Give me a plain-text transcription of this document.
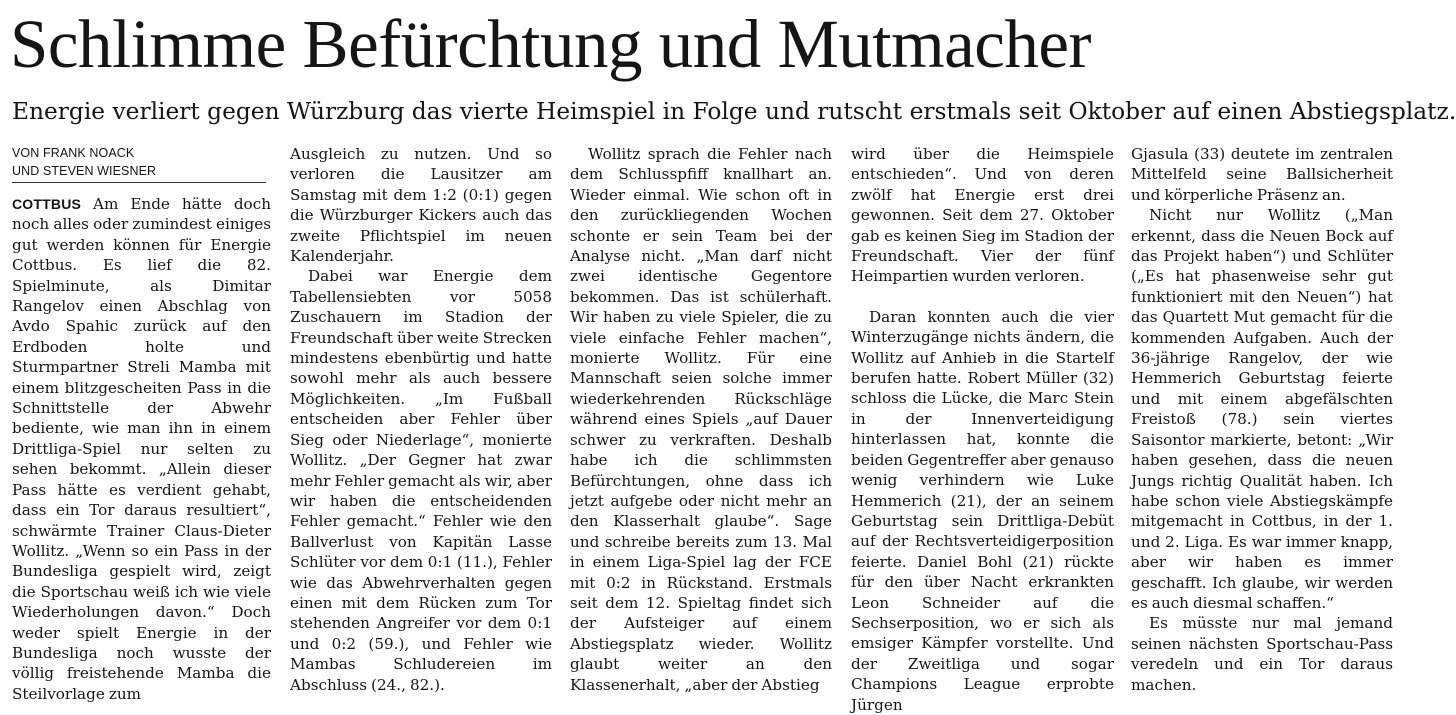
Schlimme Befürchtung und Mutmacher
Energie verliert gegen Würzburg das vierte Heimspiel in Folge und rutscht erstmals seit Oktober auf einen Abstiegsplatz.
VON FRANK NOACK
UND STEVEN WIESNER

COTTBUS Am Ende hätte doch noch alles oder zumindest einiges gut werden können für Energie Cottbus. Es lief die 82. Spielminute, als Dimitar Rangelov einen Abschlag von Avdo Spahic zurück auf den Erdboden holte und Sturmpartner Streli Mamba mit einem blitzgescheiten Pass in die Schnittstelle der Abwehr bediente, wie man ihn in einem Drittliga-Spiel nur selten zu sehen bekommt. „Allein dieser Pass hätte es verdient gehabt, dass ein Tor daraus resultiert“, schwärmte Trainer Claus-Dieter Wollitz. „Wenn so ein Pass in der Bundesliga gespielt wird, zeigt die Sportschau weiß ich wie viele Wiederholungen davon.“ Doch weder spielt Energie in der Bundesliga noch wusste der völlig freistehende Mamba die Steilvorlage zum

Ausgleich zu nutzen. Und so verloren die Lausitzer am Samstag mit dem 1:2 (0:1) gegen die Würzburger Kickers auch das zweite Pflichtspiel im neuen Kalenderjahr.

Dabei war Energie dem Tabellensiebten vor 5058 Zuschauern im Stadion der Freundschaft über weite Strecken mindestens ebenbürtig und hatte sowohl mehr als auch bessere Möglichkeiten. „Im Fußball entscheiden aber Fehler über Sieg oder Niederlage“, monierte Wollitz. „Der Gegner hat zwar mehr Fehler gemacht als wir, aber wir haben die entscheidenden Fehler gemacht.“ Fehler wie den Ballverlust von Kapitän Lasse Schlüter vor dem 0:1 (11.), Fehler wie das Abwehrverhalten gegen einen mit dem Rücken zum Tor stehenden Angreifer vor dem 0:1 und 0:2 (59.), und Fehler wie Mambas Schludereien im Abschluss (24., 82.).

Wollitz sprach die Fehler nach dem Schlusspfiff knallhart an. Wieder einmal. Wie schon oft in den zurückliegenden Wochen schonte er sein Team bei der Analyse nicht. „Man darf nicht zwei identische Gegentore bekommen. Das ist schülerhaft. Wir haben zu viele Spieler, die zu viele einfache Fehler machen“, monierte Wollitz. Für eine Mannschaft seien solche immer wiederkehrenden Rückschläge während eines Spiels „auf Dauer schwer zu verkraften. Deshalb habe ich die schlimmsten Befürchtungen, ohne dass ich jetzt aufgebe oder nicht mehr an den Klasserhalt glaube“. Sage und schreibe bereits zum 13. Mal in einem Liga-Spiel lag der FCE mit 0:2 in Rückstand. Erstmals seit dem 12. Spieltag findet sich der Aufsteiger auf einem Abstiegsplatz wieder. Wollitz glaubt weiter an den Klassenerhalt, „aber der Abstieg

wird über die Heimspiele entschieden“. Und von deren zwölf hat Energie erst drei gewonnen. Seit dem 27. Oktober gab es keinen Sieg im Stadion der Freundschaft. Vier der fünf Heimpartien wurden verloren.

Daran konnten auch die vier Winterzugänge nichts ändern, die Wollitz auf Anhieb in die Startelf berufen hatte. Robert Müller (32) schloss die Lücke, die Marc Stein in der Innenverteidigung hinterlassen hat, konnte die beiden Gegentreffer aber genauso wenig verhindern wie Luke Hemmerich (21), der an seinem Geburtstag sein Drittliga-Debüt auf der Rechtsverteidigerposition feierte. Daniel Bohl (21) rückte für den über Nacht erkrankten Leon Schneider auf die Sechserposition, wo er sich als emsiger Kämpfer vorstellte. Und der Zweitliga und sogar Champions League erprobte Jürgen

Gjasula (33) deutete im zentralen Mittelfeld seine Ballsicherheit und körperliche Präsenz an.

Nicht nur Wollitz („Man erkennt, dass die Neuen Bock auf das Projekt haben“) und Schlüter („Es hat phasenweise sehr gut funktioniert mit den Neuen“) hat das Quartett Mut gemacht für die kommenden Aufgaben. Auch der 36-jährige Rangelov, der wie Hemmerich Geburtstag feierte und mit einem abgefälschten Freistoß (78.) sein viertes Saisontor markierte, betont: „Wir haben gesehen, dass die neuen Jungs richtig Qualität haben. Ich habe schon viele Abstiegskämpfe mitgemacht in Cottbus, in der 1. und 2. Liga. Es war immer knapp, aber wir haben es immer geschafft. Ich glaube, wir werden es auch diesmal schaffen.“

Es müsste nur mal jemand seinen nächsten Sportschau-Pass veredeln und ein Tor daraus machen.
